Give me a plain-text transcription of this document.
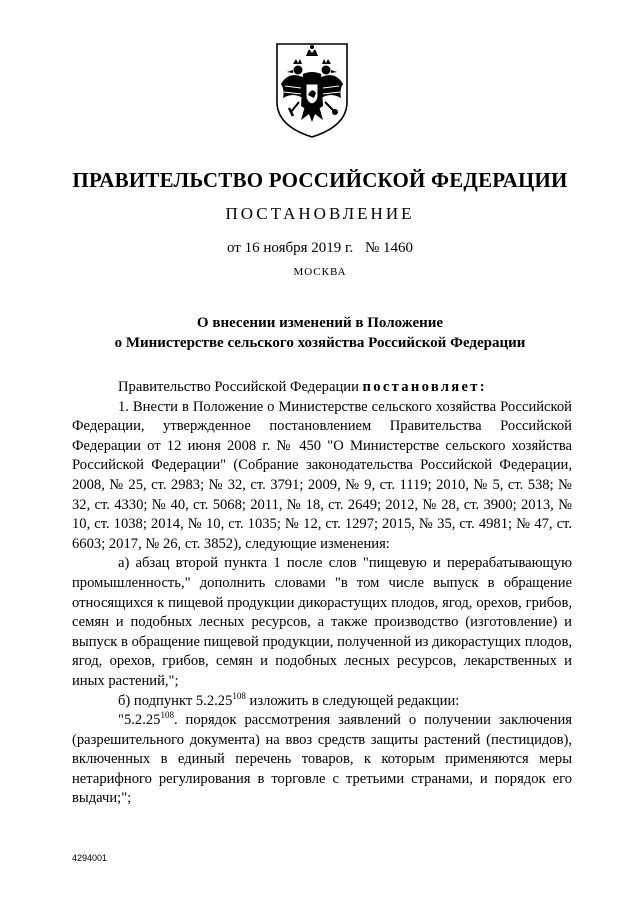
ПРАВИТЕЛЬСТВО РОССИЙСКОЙ ФЕДЕРАЦИИ
ПОСТАНОВЛЕНИЕ
от 16 ноября 2019 г. № 1460
МОСКВА
О внесении изменений в Положение
о Министерстве сельского хозяйства Российской Федерации

Правительство Российской Федерации постановляет:

1. Внести в Положение о Министерстве сельского хозяйства Российской Федерации, утвержденное постановлением Правительства Российской Федерации от 12 июня 2008 г. № 450 "О Министерстве сельского хозяйства Российской Федерации" (Собрание законодательства Российской Федерации, 2008, № 25, ст. 2983; № 32, ст. 3791; 2009, № 9, ст. 1119; 2010, № 5, ст. 538; № 32, ст. 4330; № 40, ст. 5068; 2011, № 18, ст. 2649; 2012, № 28, ст. 3900; 2013, № 10, ст. 1038; 2014, № 10, ст. 1035; № 12, ст. 1297; 2015, № 35, ст. 4981; № 47, ст. 6603; 2017, № 26, ст. 3852), следующие изменения:

а) абзац второй пункта 1 после слов "пищевую и перерабатывающую промышленность," дополнить словами "в том числе выпуск в обращение относящихся к пищевой продукции дикорастущих плодов, ягод, орехов, грибов, семян и подобных лесных ресурсов, а также производство (изготовление) и выпуск в обращение пищевой продукции, полученной из дикорастущих плодов, ягод, орехов, грибов, семян и подобных лесных ресурсов, лекарственных и иных растений,";

б) подпункт 5.2.25$^{108}$ изложить в следующей редакции:

"5.2.25$^{108}$. порядок рассмотрения заявлений о получении заключения (разрешительного документа) на ввоз средств защиты растений (пестицидов), включенных в единый перечень товаров, к которым применяются меры нетарифного регулирования в торговле с третьими странами, и порядок его выдачи;";

4294001
